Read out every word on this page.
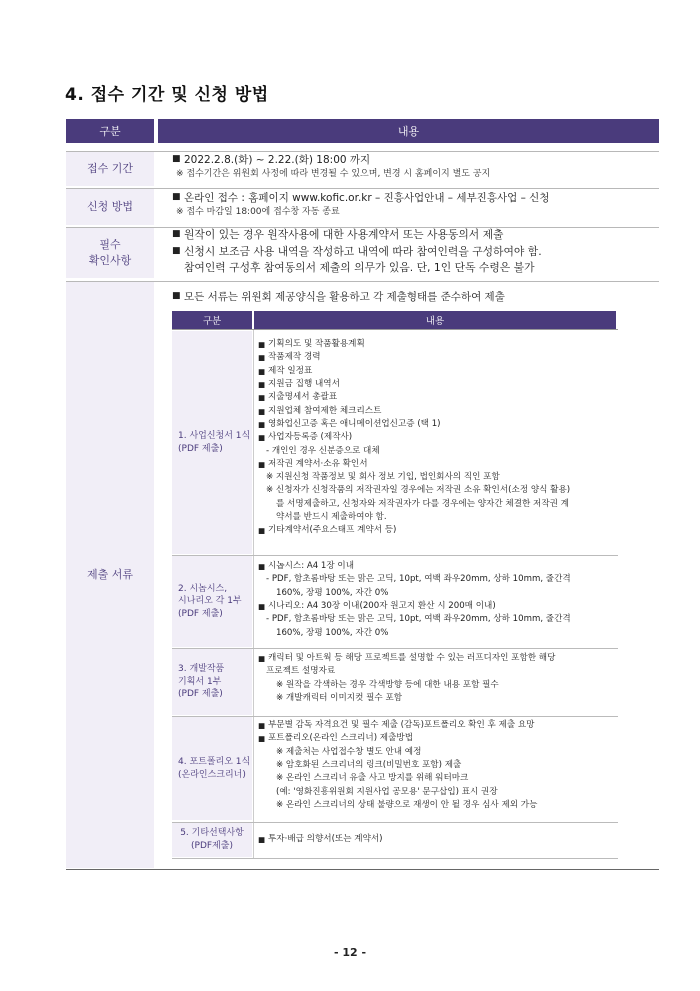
4. 접수 기간 및 신청 방법
구분	내용
접수 기간
■ 2022.2.8.(화) ~ 2.22.(화) 18:00 까지
※ 접수기간은 위원회 사정에 따라 변경될 수 있으며, 변경 시 홈페이지 별도 공지
신청 방법
■ 온라인 접수 : 홈페이지 www.kofic.or.kr – 진흥사업안내 – 세부진흥사업 – 신청
※ 접수 마감일 18:00에 접수창 자동 종료
필수
확인사항
■ 원작이 있는 경우 원작사용에 대한 사용계약서 또는 사용동의서 제출
■ 신청시 보조금 사용 내역을 작성하고 내역에 따라 참여인력을 구성하여야 함.
참여인력 구성후 참여동의서 제출의 의무가 있음. 단, 1인 단독 수령은 불가
제출 서류
■ 모든 서류는 위원회 제공양식을 활용하고 각 제출형태를 준수하여 제출
구분	내용
1. 사업신청서 1식
(PDF 제출)
■ 기획의도 및 작품활용계획
■ 작품제작 경력
■ 제작 일정표
■ 지원금 집행 내역서
■ 지출명세서 총괄표
■ 지원업체 참여제한 체크리스트
■ 영화업신고증 혹은 애니메이션업신고증 (택 1)
■ 사업자등록증 (제작사)
- 개인인 경우 신분증으로 대체
■ 저작권 계약서·소유 확인서
※ 지원신청 작품정보 및 회사 정보 기입, 법인회사의 직인 포함
※ 신청자가 신청작품의 저작권자일 경우에는 저작권 소유 확인서(소정 양식 활용)
를 서명제출하고, 신청자와 저작권자가 다를 경우에는 양자간 체결한 저작권 계
약서를 반드시 제출하여야 함.
■ 기타계약서(주요스태프 계약서 등)
2. 시놉시스,
시나리오 각 1부
(PDF 제출)
■ 시놉시스: A4 1장 이내
- PDF, 함초롬바탕 또는 맑은 고딕, 10pt, 여백 좌우20mm, 상하 10mm, 줄간격
160%, 장평 100%, 자간 0%
■ 시나리오: A4 30장 이내(200자 원고지 환산 시 200매 이내)
- PDF, 함초롬바탕 또는 맑은 고딕, 10pt, 여백 좌우20mm, 상하 10mm, 줄간격
160%, 장평 100%, 자간 0%
3. 개발작품
기획서 1부
(PDF 제출)
■ 캐릭터 및 아트웍 등 해당 프로젝트를 설명할 수 있는 러프디자인 포함한 해당
프로젝트 설명자료
※ 원작을 각색하는 경우 각색방향 등에 대한 내용 포함 필수
※ 개발캐릭터 이미지컷 필수 포함
4. 포트폴리오 1식
(온라인스크리너)
■ 부문별 감독 자격요건 및 필수 제출 (감독)포트폴리오 확인 후 제출 요망
■ 포트폴리오(온라인 스크리너) 제출방법
※ 제출처는 사업접수창 별도 안내 예정
※ 암호화된 스크리너의 링크(비밀번호 포함) 제출
※ 온라인 스크리너 유출 사고 방지를 위해 워터마크
(예: '영화진흥위원회 지원사업 공모용' 문구삽입) 표시 권장
※ 온라인 스크리너의 상태 불량으로 재생이 안 될 경우 심사 제외 가능
5. 기타선택사항
(PDF제출)
■ 투자·배급 의향서(또는 계약서)
- 12 -
